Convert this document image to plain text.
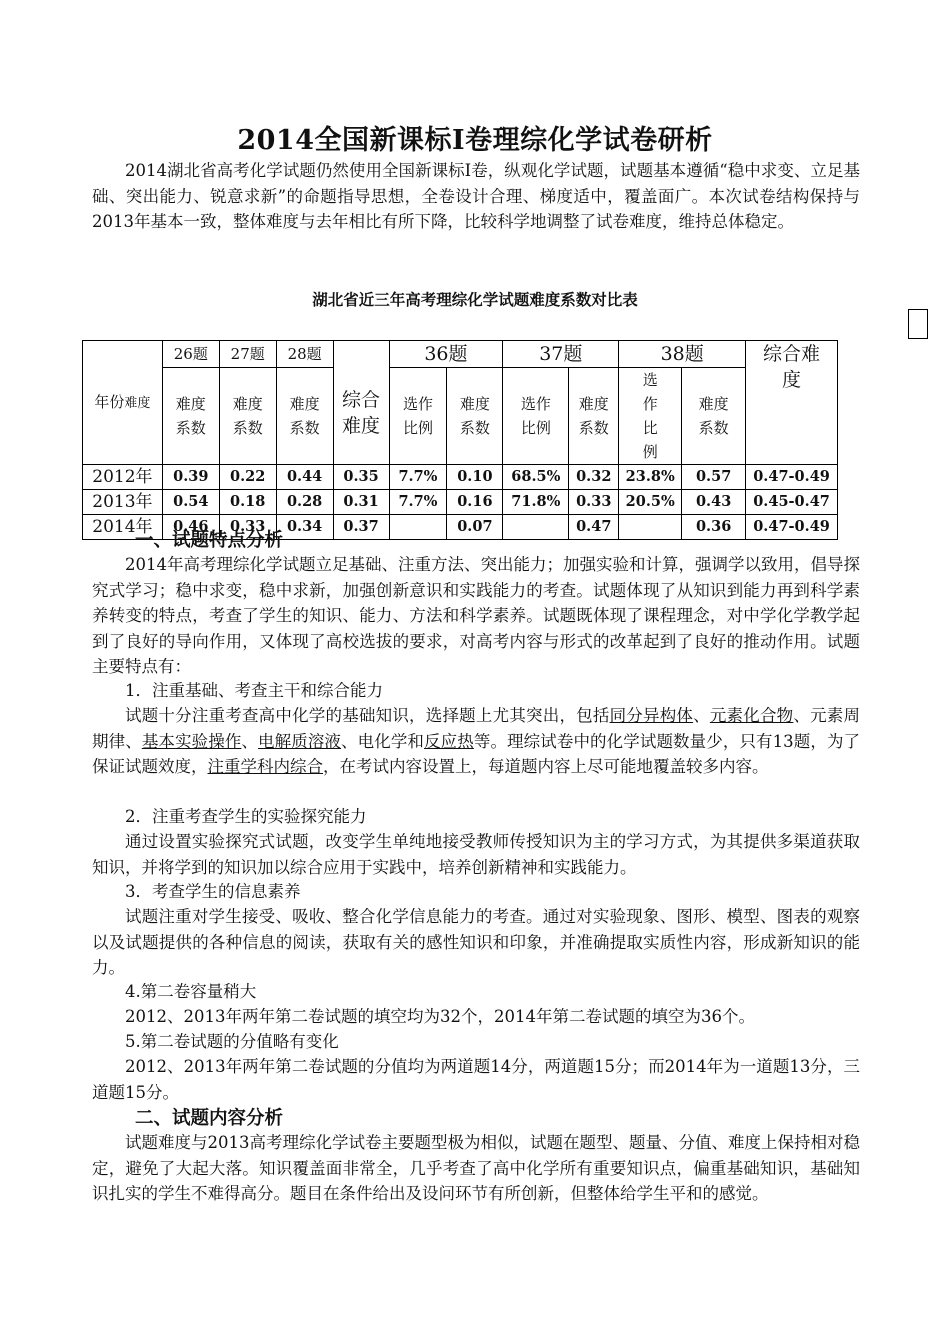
2014全国新课标I卷理综化学试卷研析

2014湖北省高考化学试题仍然使用全国新课标I卷，纵观化学试题，试题基本遵循“稳中求变、立足基础、突出能力、锐意求新”的命题指导思想，全卷设计合理、梯度适中，覆盖面广。本次试卷结构保持与2013年基本一致，整体难度与去年相比有所下降，比较科学地调整了试卷难度，维持总体稳定。

湖北省近三年高考理综化学试题难度系数对比表
年份难度	26题	27题	28题	综合难度	36题		37题		38题		综合难度
	难度系数	难度系数	难度系数		选作比例	难度系数	选作比例	难度系数	选作比例	难度系数	

2012年	0.39	0.22	0.44	0.35	7.7%	0.10	68.5%	0.32	23.8%	0.57	0.47-0.49
2013年	0.54	0.18	0.28	0.31	7.7%	0.16	71.8%	0.33	20.5%	0.43	0.45-0.47
2014年	0.46	0.33	0.34	0.37		0.07		0.47		0.36	0.47-0.49
一、试题特点分析

2014年高考理综化学试题立足基础、注重方法、突出能力；加强实验和计算，强调学以致用，倡导探究式学习；稳中求变，稳中求新，加强创新意识和实践能力的考查。试题体现了从知识到能力再到科学素养转变的特点，考查了学生的知识、能力、方法和科学素养。试题既体现了课程理念，对中学化学教学起到了良好的导向作用，又体现了高校选拔的要求，对高考内容与形式的改革起到了良好的推动作用。试题主要特点有：

1．注重基础、考查主干和综合能力

试题十分注重考查高中化学的基础知识，选择题上尤其突出，包括同分异构体、元素化合物、元素周期律、基本实验操作、电解质溶液、电化学和反应热等。理综试卷中的化学试题数量少，只有13题，为了保证试题效度，注重学科内综合，在考试内容设置上，每道题内容上尽可能地覆盖较多内容。

2．注重考查学生的实验探究能力

通过设置实验探究式试题，改变学生单纯地接受教师传授知识为主的学习方式，为其提供多渠道获取知识，并将学到的知识加以综合应用于实践中，培养创新精神和实践能力。

3．考查学生的信息素养

试题注重对学生接受、吸收、整合化学信息能力的考查。通过对实验现象、图形、模型、图表的观察以及试题提供的各种信息的阅读，获取有关的感性知识和印象，并准确提取实质性内容，形成新知识的能力。

4.第二卷容量稍大

2012、2013年两年第二卷试题的填空均为32个，2014年第二卷试题的填空为36个。

5.第二卷试题的分值略有变化

2012、2013年两年第二卷试题的分值均为两道题14分，两道题15分；而2014年为一道题13分，三道题15分。

二、试题内容分析

试题难度与2013高考理综化学试卷主要题型极为相似，试题在题型、题量、分值、难度上保持相对稳定，避免了大起大落。知识覆盖面非常全，几乎考查了高中化学所有重要知识点，偏重基础知识，基础知识扎实的学生不难得高分。题目在条件给出及设问环节有所创新，但整体给学生平和的感觉。
